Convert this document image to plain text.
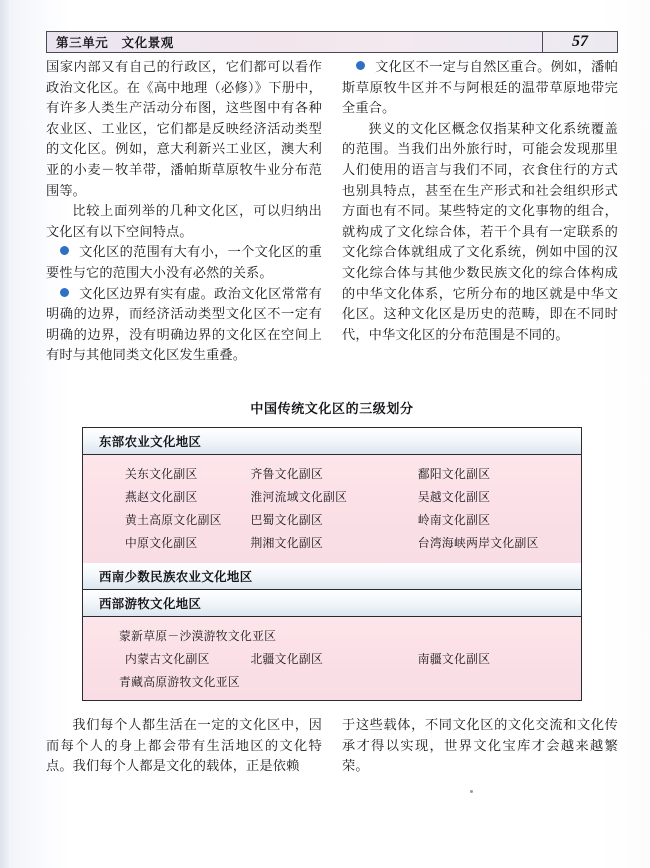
第三单元　文化景观	57

国家内部又有自己的行政区，它们都可以看作政治文化区。在《高中地理（必修）》下册中，有许多人类生产活动分布图，这些图中有各种农业区、工业区，它们都是反映经济活动类型的文化区。例如，意大利新兴工业区，澳大利亚的小麦－牧羊带，潘帕斯草原牧牛业分布范围等。

比较上面列举的几种文化区，可以归纳出文化区有以下空间特点。

文化区的范围有大有小，一个文化区的重要性与它的范围大小没有必然的关系。

文化区边界有实有虚。政治文化区常常有明确的边界，而经济活动类型文化区不一定有明确的边界，没有明确边界的文化区在空间上有时与其他同类文化区发生重叠。

文化区不一定与自然区重合。例如，潘帕斯草原牧牛区并不与阿根廷的温带草原地带完全重合。

狭义的文化区概念仅指某种文化系统覆盖的范围。当我们出外旅行时，可能会发现那里人们使用的语言与我们不同，衣食住行的方式也别具特点，甚至在生产形式和社会组织形式方面也有不同。某些特定的文化事物的组合，就构成了文化综合体，若干个具有一定联系的文化综合体就组成了文化系统，例如中国的汉文化综合体与其他少数民族文化的综合体构成的中华文化体系，它所分布的地区就是中华文化区。这种文化区是历史的范畴，即在不同时代，中华文化区的分布范围是不同的。

中国传统文化区的三级划分
东部农业文化地区
关东文化副区	齐鲁文化副区	鄱阳文化副区
燕赵文化副区	淮河流域文化副区	吴越文化副区
黄土高原文化副区	巴蜀文化副区	岭南文化副区
中原文化副区	荆湘文化副区	台湾海峡两岸文化副区
西南少数民族农业文化地区
西部游牧文化地区
蒙新草原－沙漠游牧文化亚区
内蒙古文化副区	北疆文化副区	南疆文化副区
青藏高原游牧文化亚区

我们每个人都生活在一定的文化区中，因而每个人的身上都会带有生活地区的文化特点。我们每个人都是文化的载体，正是依赖

于这些载体，不同文化区的文化交流和文化传承才得以实现，世界文化宝库才会越来越繁荣。
